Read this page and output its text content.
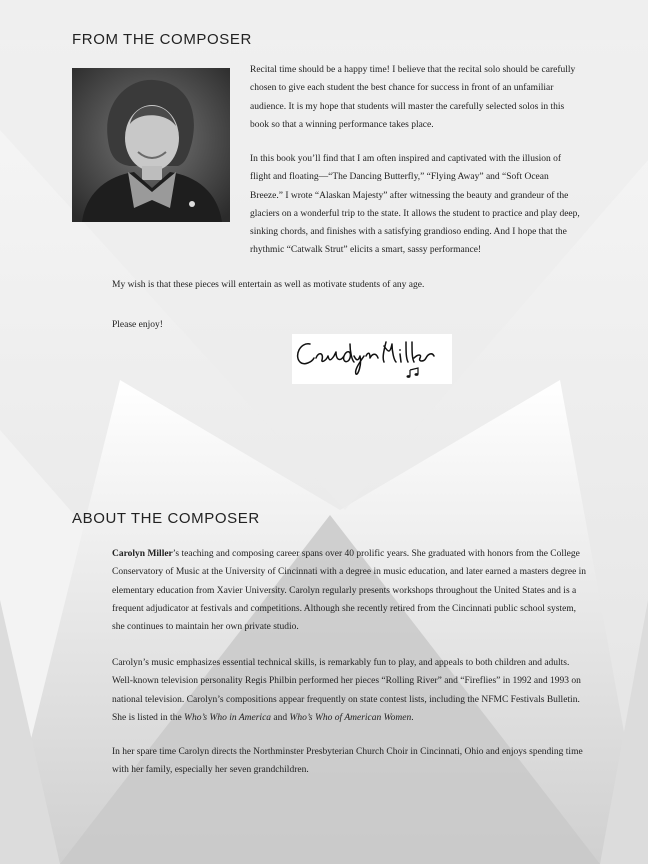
FROM THE COMPOSER

Recital time should be a happy time! I believe that the recital solo should be carefully chosen to give each student the best chance for success in front of an unfamiliar audience. It is my hope that students will master the carefully selected solos in this book so that a winning performance takes place.

In this book you’ll find that I am often inspired and captivated with the illusion of flight and floating—“The Dancing Butterfly,” “Flying Away” and “Soft Ocean Breeze.” I wrote “Alaskan Majesty” after witnessing the beauty and grandeur of the glaciers on a wonderful trip to the state. It allows the student to practice and play deep, sinking chords, and finishes with a satisfying grandioso ending. And I hope that the rhythmic “Catwalk Strut” elicits a smart, sassy performance!

My wish is that these pieces will entertain as well as motivate students of any age.

Please enjoy!

ABOUT THE COMPOSER

Carolyn Miller’s teaching and composing career spans over 40 prolific years. She graduated with honors from the College Conservatory of Music at the University of Cincinnati with a degree in music education, and later earned a masters degree in elementary education from Xavier University. Carolyn regularly presents workshops throughout the United States and is a frequent adjudicator at festivals and competitions. Although she recently retired from the Cincinnati public school system, she continues to maintain her own private studio.

Carolyn’s music emphasizes essential technical skills, is remarkably fun to play, and appeals to both children and adults. Well-known television personality Regis Philbin performed her pieces “Rolling River” and “Fireflies” in 1992 and 1993 on national television. Carolyn’s compositions appear frequently on state contest lists, including the NFMC Festivals Bulletin. She is listed in the Who’s Who in America and Who’s Who of American Women.

In her spare time Carolyn directs the Northminster Presbyterian Church Choir in Cincinnati, Ohio and enjoys spending time with her family, especially her seven grandchildren.
